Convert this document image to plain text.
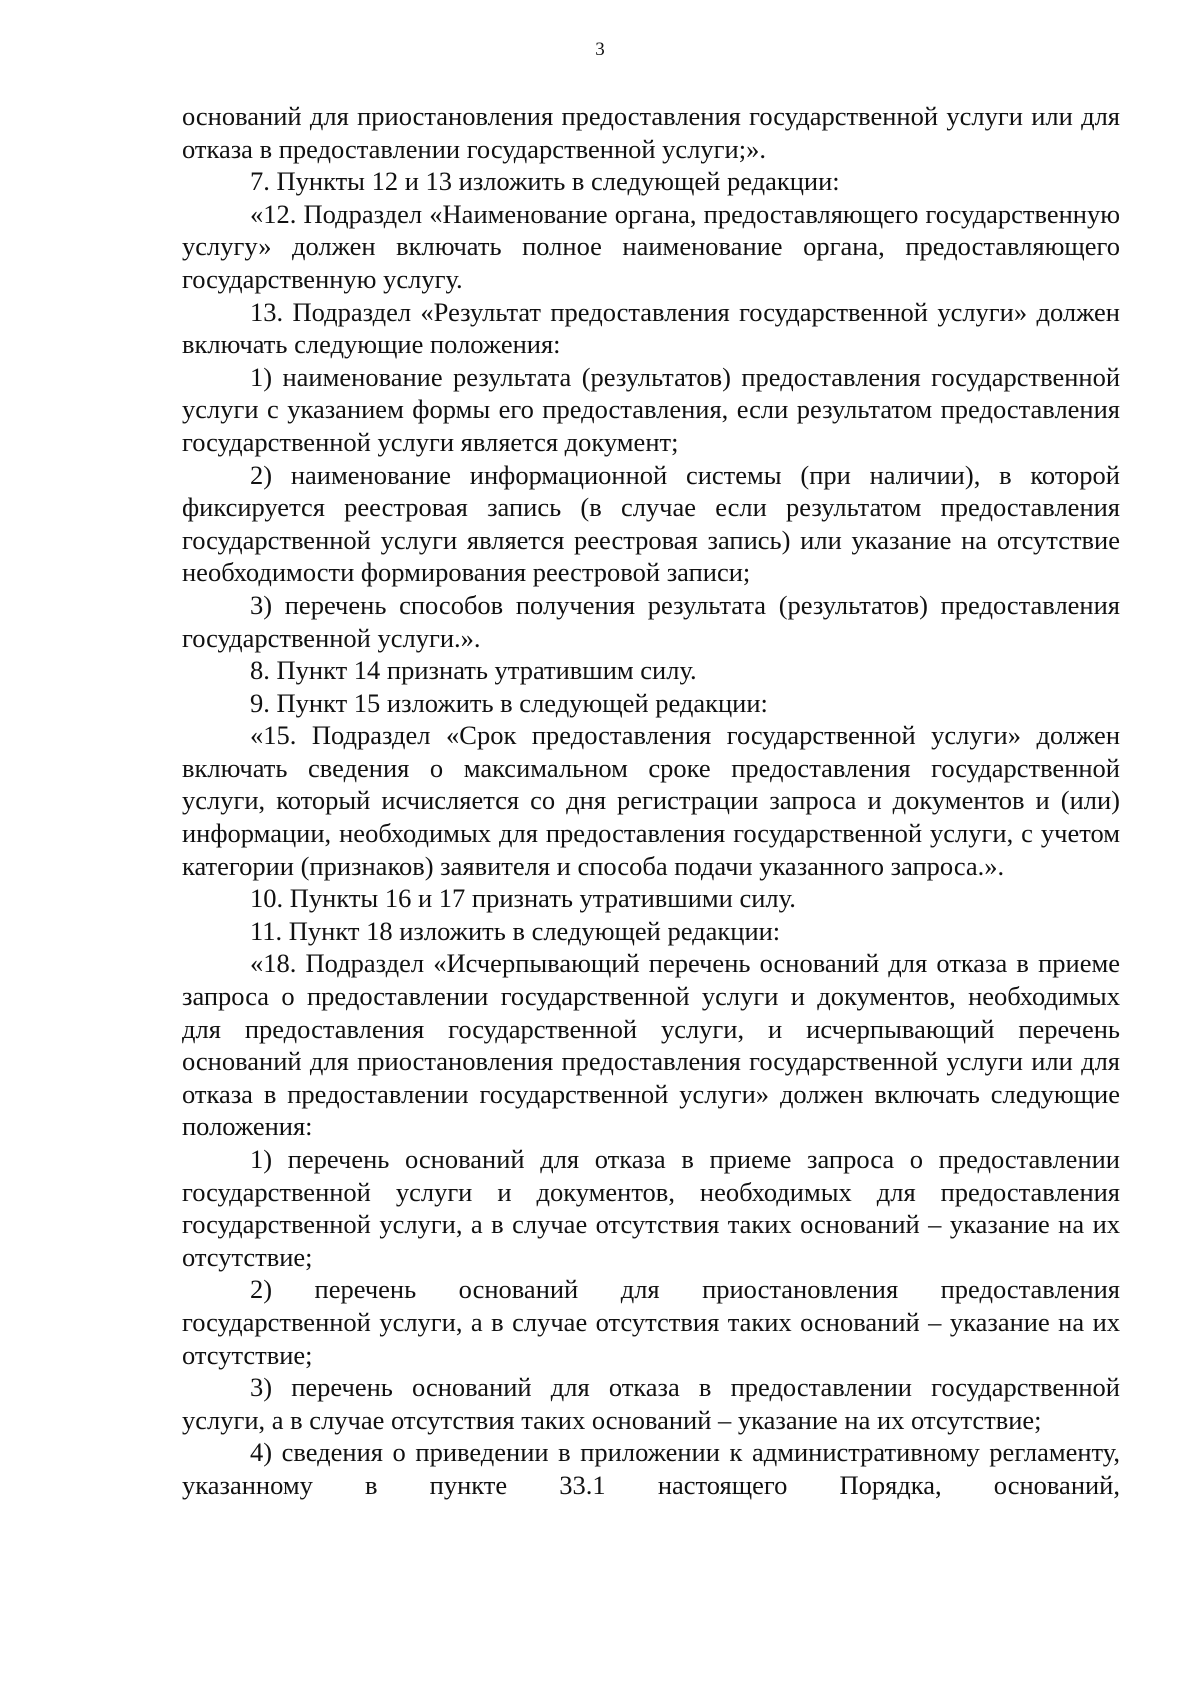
3

оснований для приостановления предоставления государственной услуги или для отказа в предоставлении государственной услуги;».

7. Пункты 12 и 13 изложить в следующей редакции:

«12. Подраздел «Наименование органа, предоставляющего государственную услугу» должен включать полное наименование органа, предоставляющего государственную услугу.

13. Подраздел «Результат предоставления государственной услуги» должен включать следующие положения:

1) наименование результата (результатов) предоставления государственной услуги с указанием формы его предоставления, если результатом предоставления государственной услуги является документ;

2) наименование информационной системы (при наличии), в которой фиксируется реестровая запись (в случае если результатом предоставления государственной услуги является реестровая запись) или указание на отсутствие необходимости формирования реестровой записи;

3) перечень способов получения результата (результатов) предоставления государственной услуги.».

8. Пункт 14 признать утратившим силу.

9. Пункт 15 изложить в следующей редакции:

«15. Подраздел «Срок предоставления государственной услуги» должен включать сведения о максимальном сроке предоставления государственной услуги, который исчисляется со дня регистрации запроса и документов и (или) информации, необходимых для предоставления государственной услуги, с учетом категории (признаков) заявителя и способа подачи указанного запроса.».

10. Пункты 16 и 17 признать утратившими силу.

11. Пункт 18 изложить в следующей редакции:

«18. Подраздел «Исчерпывающий перечень оснований для отказа в приеме запроса о предоставлении государственной услуги и документов, необходимых для предоставления государственной услуги, и исчерпывающий перечень оснований для приостановления предоставления государственной услуги или для отказа в предоставлении государственной услуги» должен включать следующие положения:

1) перечень оснований для отказа в приеме запроса о предоставлении государственной услуги и документов, необходимых для предоставления государственной услуги, а в случае отсутствия таких оснований – указание на их отсутствие;

2) перечень оснований для приостановления предоставления государственной услуги, а в случае отсутствия таких оснований – указание на их отсутствие;

3) перечень оснований для отказа в предоставлении государственной услуги, а в случае отсутствия таких оснований – указание на их отсутствие;

4) сведения о приведении в приложении к административному регламенту, указанному в пункте 33.1 настоящего Порядка, оснований,
